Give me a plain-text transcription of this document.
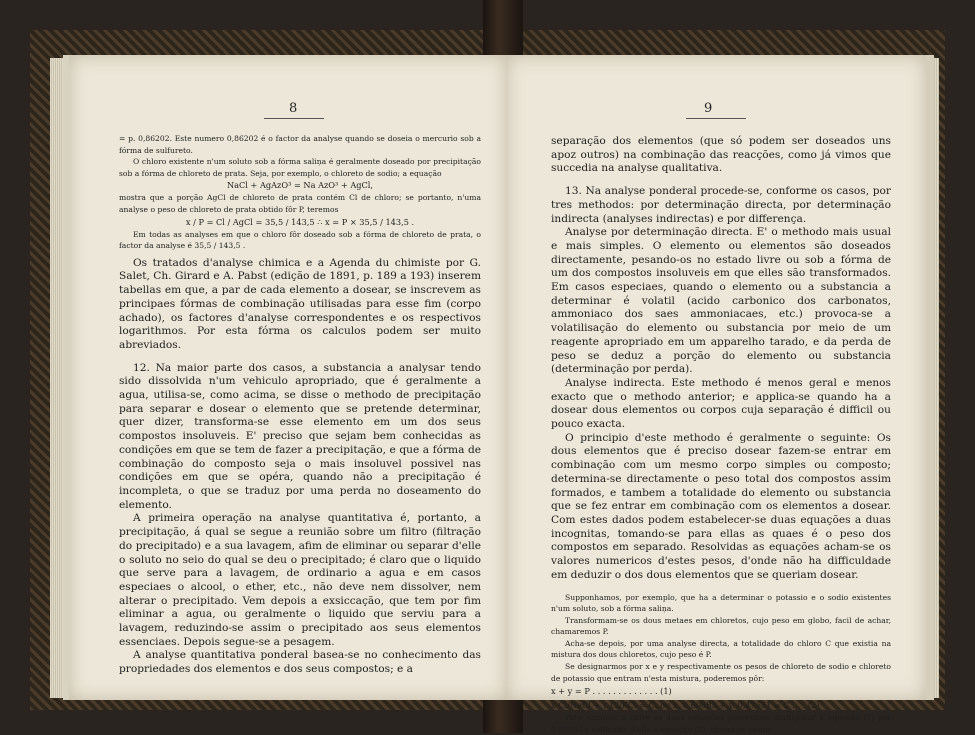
8

= p. 0,86202. Este numero 0,86202 é o factor da analyse quando se doseia o mercurio sob a fórma de sulfureto.

O chloro existente n'um soluto sob a fórma saliņa é geralmente doseado por precipitação sob a fórma de chloreto de prata. Seja, por exemplo, o chloreto de sodio; a equação

NaCl + AgAzO³ = Na AzO³ + AgCl,

mostra que a porção AgCl de chloreto de prata contém Cl de chloro; se portanto, n'uma analyse o peso de chloreto de prata obtido fôr P, teremos

x / P = Cl / AgCl = 35,5 / 143,5 ∴ x = P × 35,5 / 143,5 .

Em todas as analyses em que o chloro fôr doseado sob a fórma de chloreto de prata, o factor da analyse é 35,5 / 143,5 .

Os tratados d'analyse chimica e a Agenda du chimiste por G. Salet, Ch. Girard e A. Pabst (edição de 1891, p. 189 a 193) inserem tabellas em que, a par de cada elemento a dosear, se inscrevem as principaes fórmas de combinação utilisadas para esse fim (corpo achado), os factores d'analyse correspondentes e os respectivos logarithmos. Por esta fórma os calculos podem ser muito abreviados.

12. Na maior parte dos casos, a substancia a analysar tendo sido dissolvida n'um vehiculo apropriado, que é geralmente a agua, utilisa-se, como acima, se disse o methodo de precipitação para separar e dosear o elemento que se pretende determinar, quer dizer, transforma-se esse elemento em um dos seus compostos insoluveis. E' preciso que sejam bem conhecidas as condições em que se tem de fazer a precipitação, e que a fórma de combinação do composto seja o mais insoluvel possivel nas condições em que se opéra, quando não a precipitação é incompleta, o que se traduz por uma perda no doseamento do elemento.

A primeira operação na analyse quantitativa é, portanto, a precipitação, á qual se segue a reunião sobre um filtro (filtração do precipitado) e a sua lavagem, afim de eliminar ou separar d'elle o soluto no seio do qual se deu o precipitado; é claro que o liquido que serve para a lavagem, de ordinario a agua e em casos especiaes o alcool, o ether, etc., não deve nem dissolver, nem alterar o precipitado. Vem depois a exsiccação, que tem por fim eliminar a agua, ou geralmente o liquido que serviu para a lavagem, reduzindo-se assim o precipitado aos seus elementos essenciaes. Depois segue-se a pesagem.

A analyse quantitativa ponderal basea-se no conhecimento das propriedades dos elementos e dos seus compostos; e a

9

separação dos elementos (que só podem ser doseados uns apoz outros) na combinação das reacções, como já vimos que succedia na analyse qualitativa.

13. Na analyse ponderal procede-se, conforme os casos, por tres methodos: por determinação directa, por determinação indirecta (analyses indirectas) e por differença.

Analyse por determinação directa. E' o methodo mais usual e mais simples. O elemento ou elementos são doseados directamente, pesando-os no estado livre ou sob a fórma de um dos compostos insoluveis em que elles são transformados. Em casos especiaes, quando o elemento ou a substancia a determinar é volatil (acido carbonico dos carbonatos, ammoniaco dos saes ammoniacaes, etc.) provoca-se a volatilisação do elemento ou substancia por meio de um reagente apropriado em um apparelho tarado, e da perda de peso se deduz a porção do elemento ou substancia (determinação por perda).

Analyse indirecta. Este methodo é menos geral e menos exacto que o methodo anterior; e applica-se quando ha a dosear dous elementos ou corpos cuja separação é difficil ou pouco exacta.

O principio d'este methodo é geralmente o seguinte: Os dous elementos que é preciso dosear fazem-se entrar em combinação com um mesmo corpo simples ou composto; determina-se directamente o peso total dos compostos assim formados, e tambem a totalidade do elemento ou substancia que se fez entrar em combinação com os elementos a dosear. Com estes dados podem estabelecer-se duas equações a duas incognitas, tomando-se para ellas as quaes é o peso dos compostos em separado. Resolvidas as equações acham-se os valores numericos d'estes pesos, d'onde não ha difficuldade em deduzir o dos dous elementos que se queriam dosear.

Supponhamos, por exemplo, que ha a determinar o potassio e o sodio existentes n'um soluto, sob a fórma saliņa.

Transformam-se os dous metaes em chloretos, cujo peso em globo, facil de achar, chamaremos P.

Acha-se depois, por uma analyse directa, a totalidade do chloro C que existia na mistura dos dous chloretos, cujo peso é P.

Se designarmos por x e y respectivamente os pesos de chloreto de sodio e chloreto de potassio que entram n'esta mistura, poderemos pôr:

x + y = P . . . . . . . . . . . . . (1)

x Cl/NaCl + y Cl/KCl = C; ou x. 0,60683 + y. 0,47651 = C . . . (2)

Para eliminar x entre as duas equações poderemos multiplicar a equação (1) por 0,60683 e subtrahir d'ella a equação (2); obtem-se assim:
